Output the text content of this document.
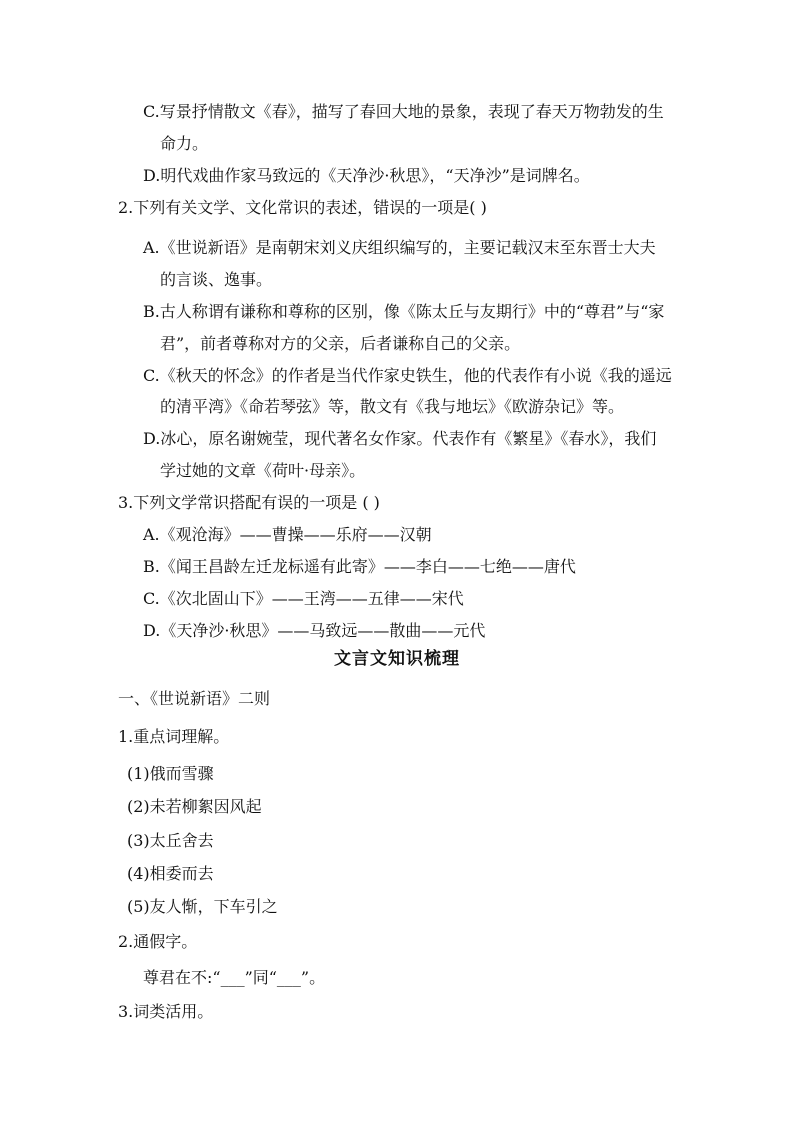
C.写景抒情散文《春》，描写了春回大地的景象，表现了春天万物勃发的生
命力。
D.明代戏曲作家马致远的《天净沙·秋思》，“天净沙”是词牌名。
2.下列有关文学、文化常识的表述，错误的一项是( )
A.《世说新语》是南朝宋刘义庆组织编写的，主要记载汉末至东晋士大夫
的言谈、逸事。
B.古人称谓有谦称和尊称的区别，像《陈太丘与友期行》中的“尊君”与“家
君”，前者尊称对方的父亲，后者谦称自己的父亲。
C.《秋天的怀念》的作者是当代作家史铁生，他的代表作有小说《我的遥远
的清平湾》《命若琴弦》等，散文有《我与地坛》《欧游杂记》等。
D.冰心，原名谢婉莹，现代著名女作家。代表作有《繁星》《春水》，我们
学过她的文章《荷叶·母亲》。
3.下列文学常识搭配有误的一项是 ( )
A.《观沧海》——曹操——乐府——汉朝
B.《闻王昌龄左迁龙标遥有此寄》——李白——七绝——唐代
C.《次北固山下》——王湾——五律——宋代
D.《天净沙·秋思》——马致远——散曲——元代
文言文知识梳理
一、《世说新语》二则
1.重点词理解。
(1)俄而雪骤
(2)未若柳絮因风起
(3)太丘舍去
(4)相委而去
(5)友人惭，下车引之
2.通假字。
尊君在不:“___”同“___”。
3.词类活用。
